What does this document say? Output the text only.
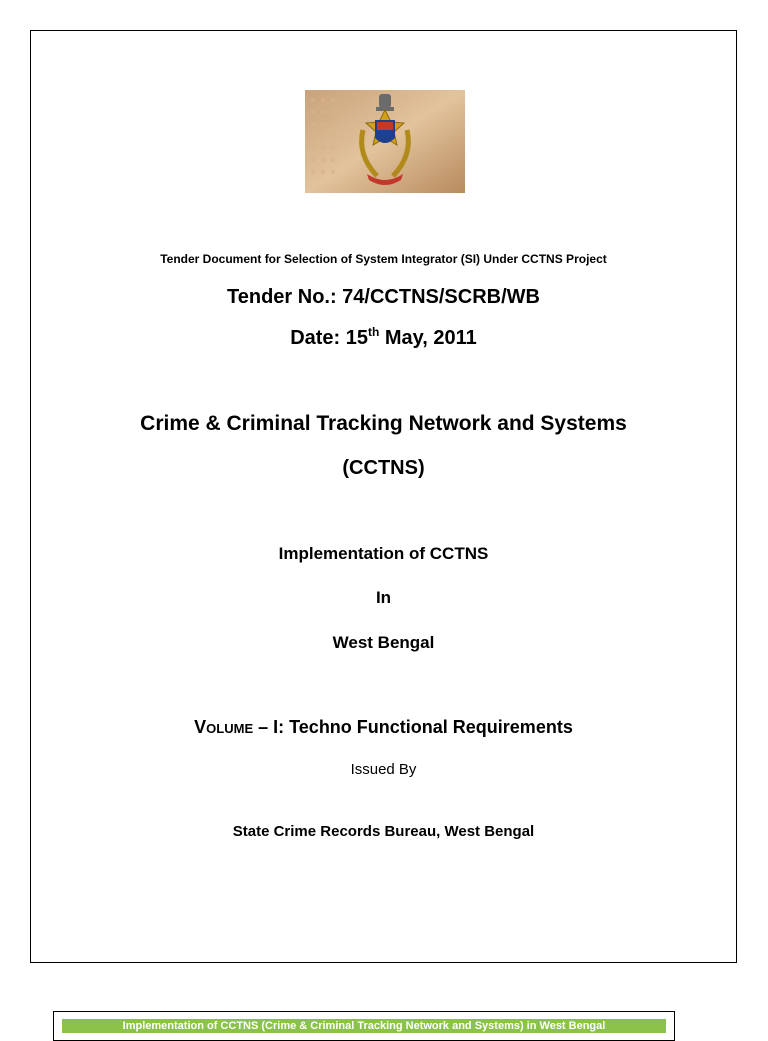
Tender Document for Selection of System Integrator (SI) Under CCTNS Project
Tender No.: 74/CCTNS/SCRB/WB
Date: 15th May, 2011
Crime & Criminal Tracking Network and Systems
(CCTNS)
Implementation of CCTNS
In
West Bengal
Volume – I: Techno Functional Requirements
Issued By
State Crime Records Bureau, West Bengal
Implementation of CCTNS (Crime & Criminal Tracking Network and Systems) in West Bengal
